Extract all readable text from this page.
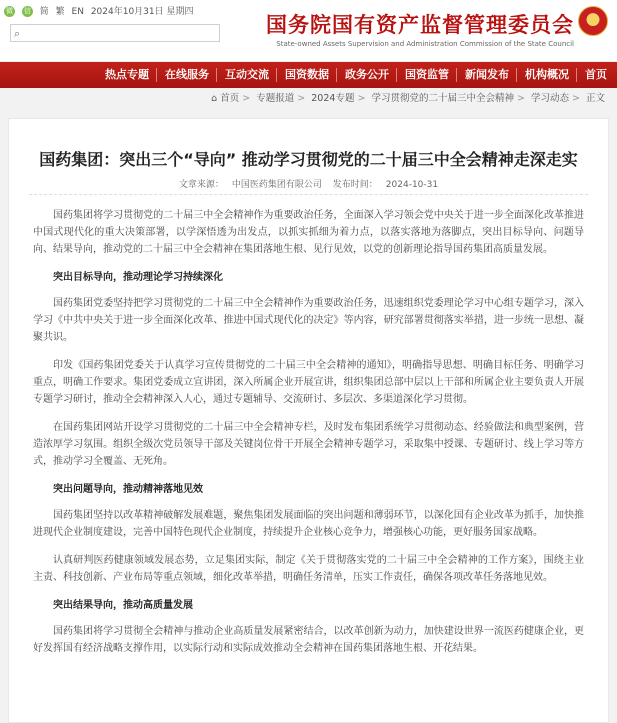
微 信 简 繁 EN 2024年10月31日 星期四
⌕
★	国务院国有资产监督管理委员会
State-owned Assets Supervision and Administration Commission of the State Council
首页
机构概况
新闻发布
国资监管
政务公开
国资数据
互动交流
在线服务
热点专题
⌂ 首页 > 专题报道 > 2024专题 > 学习贯彻党的二十届三中全会精神 > 学习动态 > 正文
国药集团：突出三个“导向” 推动学习贯彻党的二十届三中全会精神走深走实
文章来源： 中国医药集团有限公司 发布时间： 2024-10-31

国药集团将学习贯彻党的二十届三中全会精神作为重要政治任务，全面深入学习领会党中央关于进一步全面深化改革推进中国式现代化的重大决策部署，以学深悟透为出发点，以抓实抓细为着力点，以落实落地为落脚点，突出目标导向、问题导向、结果导向，推动党的二十届三中全会精神在集团落地生根、见行见效，以党的创新理论指导国药集团高质量发展。

突出目标导向，推动理论学习持续深化

国药集团党委坚持把学习贯彻党的二十届三中全会精神作为重要政治任务，迅速组织党委理论学习中心组专题学习，深入学习《中共中央关于进一步全面深化改革、推进中国式现代化的决定》等内容，研究部署贯彻落实举措，进一步统一思想、凝聚共识。

印发《国药集团党委关于认真学习宣传贯彻党的二十届三中全会精神的通知》，明确指导思想、明确目标任务、明确学习重点，明确工作要求。集团党委成立宣讲团，深入所属企业开展宣讲，组织集团总部中层以上干部和所属企业主要负责人开展专题学习研讨，推动全会精神深入人心，通过专题辅导、交流研讨、多层次、多渠道深化学习贯彻。

在国药集团网站开设学习贯彻党的二十届三中全会精神专栏，及时发布集团系统学习贯彻动态、经验做法和典型案例，营造浓厚学习氛围。组织全级次党员领导干部及关键岗位骨干开展全会精神专题学习，采取集中授课、专题研讨、线上学习等方式，推动学习全覆盖、无死角。

突出问题导向，推动精神落地见效

国药集团坚持以改革精神破解发展难题，聚焦集团发展面临的突出问题和薄弱环节，以深化国有企业改革为抓手，加快推进现代企业制度建设，完善中国特色现代企业制度，持续提升企业核心竞争力，增强核心功能，更好服务国家战略。

认真研判医药健康领域发展态势，立足集团实际，制定《关于贯彻落实党的二十届三中全会精神的工作方案》，围绕主业主责、科技创新、产业布局等重点领域，细化改革举措，明确任务清单，压实工作责任，确保各项改革任务落地见效。

突出结果导向，推动高质量发展

国药集团将学习贯彻全会精神与推动企业高质量发展紧密结合，以改革创新为动力，加快建设世界一流医药健康企业，更好发挥国有经济战略支撑作用，以实际行动和实际成效推动全会精神在国药集团落地生根、开花结果。
